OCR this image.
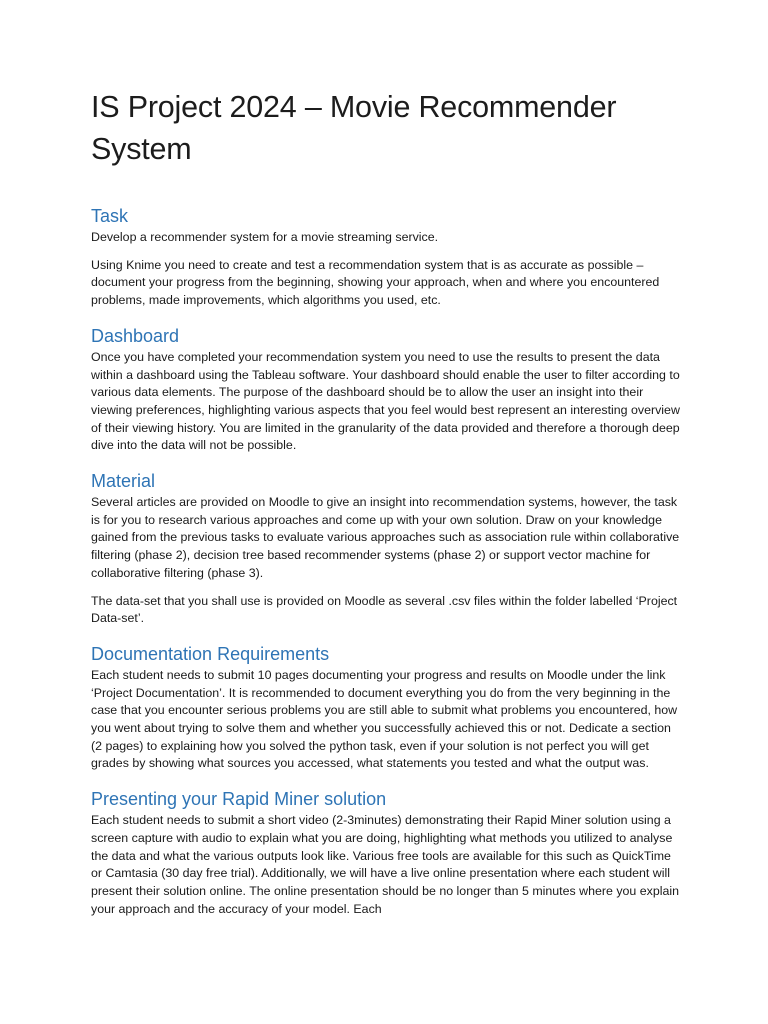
IS Project 2024 – Movie Recommender System
Task

Develop a recommender system for a movie streaming service.

Using Knime you need to create and test a recommendation system that is as accurate as possible – document your progress from the beginning, showing your approach, when and where you encountered problems, made improvements, which algorithms you used, etc.

Dashboard

Once you have completed your recommendation system you need to use the results to present the data within a dashboard using the Tableau software. Your dashboard should enable the user to filter according to various data elements. The purpose of the dashboard should be to allow the user an insight into their viewing preferences, highlighting various aspects that you feel would best represent an interesting overview of their viewing history. You are limited in the granularity of the data provided and therefore a thorough deep dive into the data will not be possible.

Material

Several articles are provided on Moodle to give an insight into recommendation systems, however, the task is for you to research various approaches and come up with your own solution. Draw on your knowledge gained from the previous tasks to evaluate various approaches such as association rule within collaborative filtering (phase 2), decision tree based recommender systems (phase 2) or support vector machine for collaborative filtering (phase 3).

The data-set that you shall use is provided on Moodle as several .csv files within the folder labelled ‘Project Data-set’.

Documentation Requirements

Each student needs to submit 10 pages documenting your progress and results on Moodle under the link ‘Project Documentation’. It is recommended to document everything you do from the very beginning in the case that you encounter serious problems you are still able to submit what problems you encountered, how you went about trying to solve them and whether you successfully achieved this or not. Dedicate a section (2 pages) to explaining how you solved the python task, even if your solution is not perfect you will get grades by showing what sources you accessed, what statements you tested and what the output was.

Presenting your Rapid Miner solution

Each student needs to submit a short video (2-3minutes) demonstrating their Rapid Miner solution using a screen capture with audio to explain what you are doing, highlighting what methods you utilized to analyse the data and what the various outputs look like. Various free tools are available for this such as QuickTime or Camtasia (30 day free trial). Additionally, we will have a live online presentation where each student will present their solution online. The online presentation should be no longer than 5 minutes where you explain your approach and the accuracy of your model. Each
